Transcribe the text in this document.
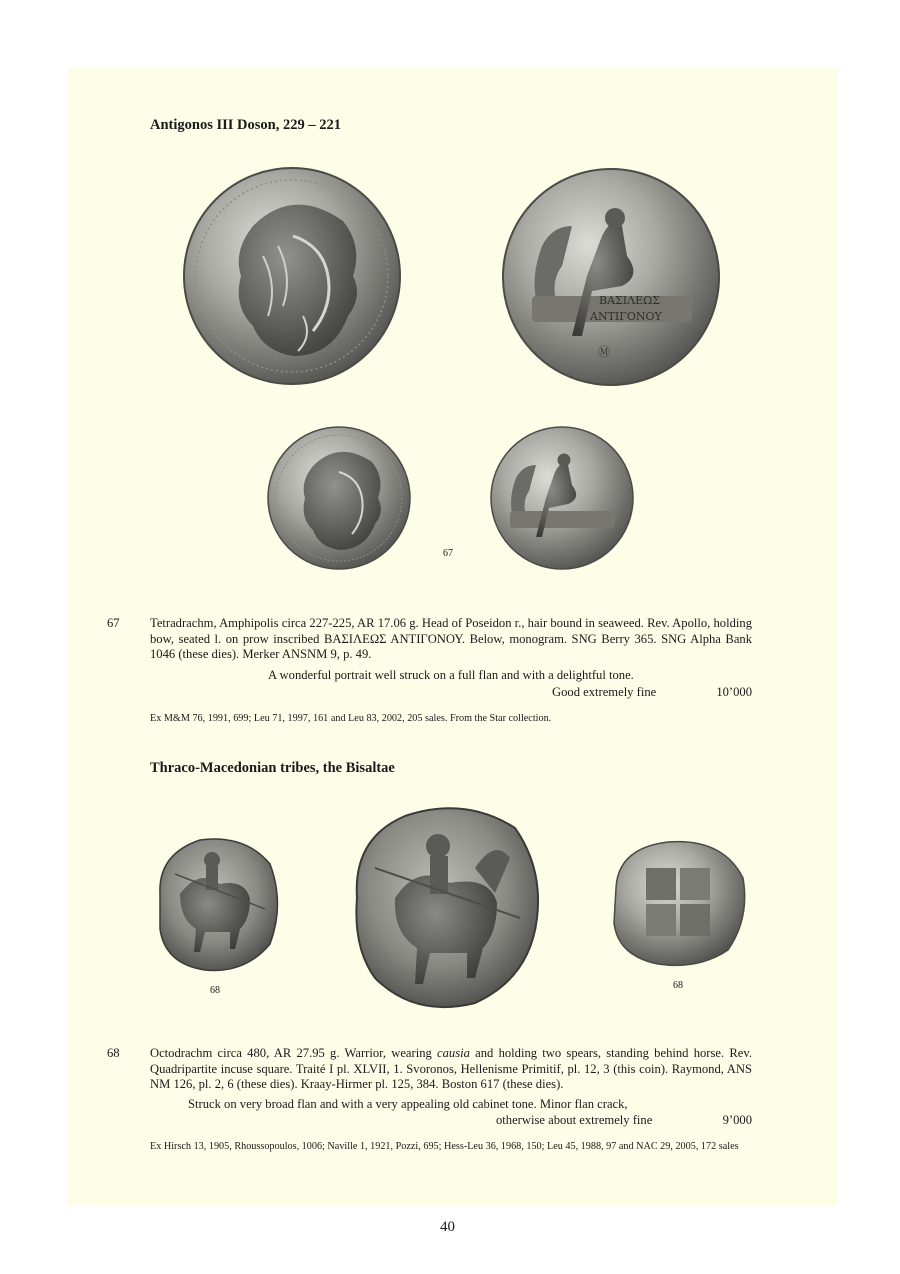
Antigonos III Doson, 229 – 221
ΒΑΣΙΛΕΩΣ
ΑΝΤΙΓΟΝΟΥ
Ⓜ
67
67 Tetradrachm, Amphipolis circa 227-225, AR 17.06 g. Head of Poseidon r., hair bound in seaweed. Rev. Apollo, holding bow, seated l. on prow inscribed ΒΑΣΙΛΕΩΣ ΑΝΤΙΓΟΝΟΥ. Below, monogram. SNG Berry 365. SNG Alpha Bank 1046 (these dies). Merker ANSNM 9, p. 49.
A wonderful portrait well struck on a full flan and with a delightful tone.
Good extremely fine	10’000
Ex M&M 76, 1991, 699; Leu 71, 1997, 161 and Leu 83, 2002, 205 sales. From the Star collection.
Thraco-Macedonian tribes, the Bisaltae
68	68
68 Octodrachm circa 480, AR 27.95 g. Warrior, wearing causia and holding two spears, standing behind horse. Rev. Quadripartite incuse square. Traité I pl. XLVII, 1. Svoronos, Hellenisme Primitif, pl. 12, 3 (this coin). Raymond, ANS NM 126, pl. 2, 6 (these dies). Kraay-Hirmer pl. 125, 384. Boston 617 (these dies).
Struck on very broad flan and with a very appealing old cabinet tone. Minor flan crack,
otherwise about extremely fine	9’000
Ex Hirsch 13, 1905, Rhoussopoulos, 1006; Naville 1, 1921, Pozzi, 695; Hess-Leu 36, 1968, 150; Leu 45, 1988, 97 and NAC 29, 2005, 172 sales
40
